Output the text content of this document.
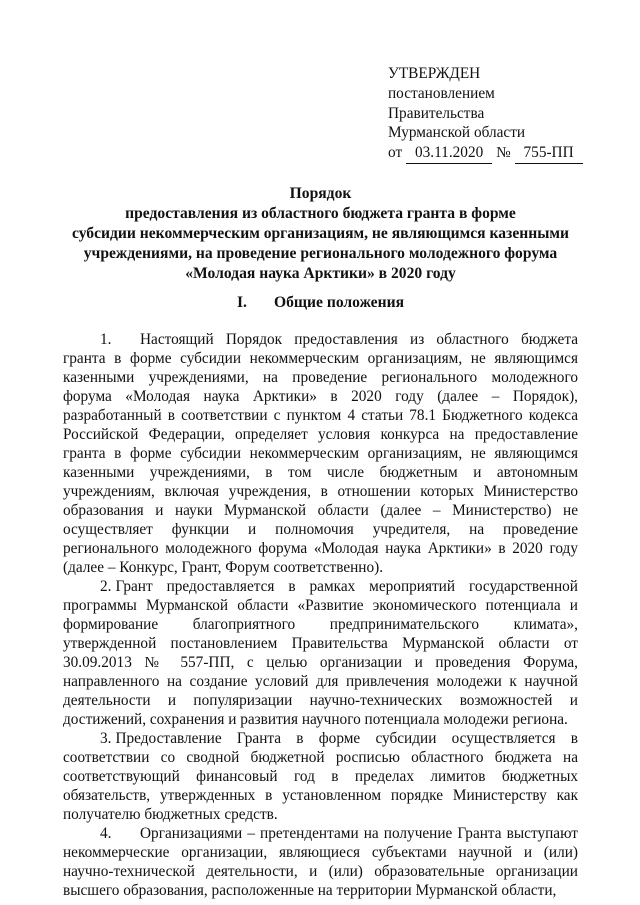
УТВЕРЖДЕН
постановлением Правительства
Мурманской области
от 03.11.2020 № 755-ПП
Порядок
предоставления из областного бюджета гранта в форме
субсидии некоммерческим организациям, не являющимся казенными
учреждениями, на проведение регионального молодежного форума
«Молодая наука Арктики» в 2020 году
I. Общие положения

1. Настоящий Порядок предоставления из областного бюджета гранта в форме субсидии некоммерческим организациям, не являющимся казенными учреждениями, на проведение регионального молодежного форума «Молодая наука Арктики» в 2020 году (далее – Порядок), разработанный в соответствии с пунктом 4 статьи 78.1 Бюджетного кодекса Российской Федерации, определяет условия конкурса на предоставление гранта в форме субсидии некоммерческим организациям, не являющимся казенными учреждениями, в том числе бюджетным и автономным учреждениям, включая учреждения, в отношении которых Министерство образования и науки Мурманской области (далее – Министерство) не осуществляет функции и полномочия учредителя, на проведение регионального молодежного форума «Молодая наука Арктики» в 2020 году (далее – Конкурс, Грант, Форум соответственно).

2. Грант предоставляется в рамках мероприятий государственной программы Мурманской области «Развитие экономического потенциала и формирование благоприятного предпринимательского климата», утвержденной постановлением Правительства Мурманской области от 30.09.2013 № 557-ПП, с целью организации и проведения Форума, направленного на создание условий для привлечения молодежи к научной деятельности и популяризации научно-технических возможностей и достижений, сохранения и развития научного потенциала молодежи региона.

3. Предоставление Гранта в форме субсидии осуществляется в соответствии со сводной бюджетной росписью областного бюджета на соответствующий финансовый год в пределах лимитов бюджетных обязательств, утвержденных в установленном порядке Министерству как получателю бюджетных средств.

4. Организациями – претендентами на получение Гранта выступают некоммерческие организации, являющиеся субъектами научной и (или) научно-технической деятельности, и (или) образовательные организации высшего образования, расположенные на территории Мурманской области,
